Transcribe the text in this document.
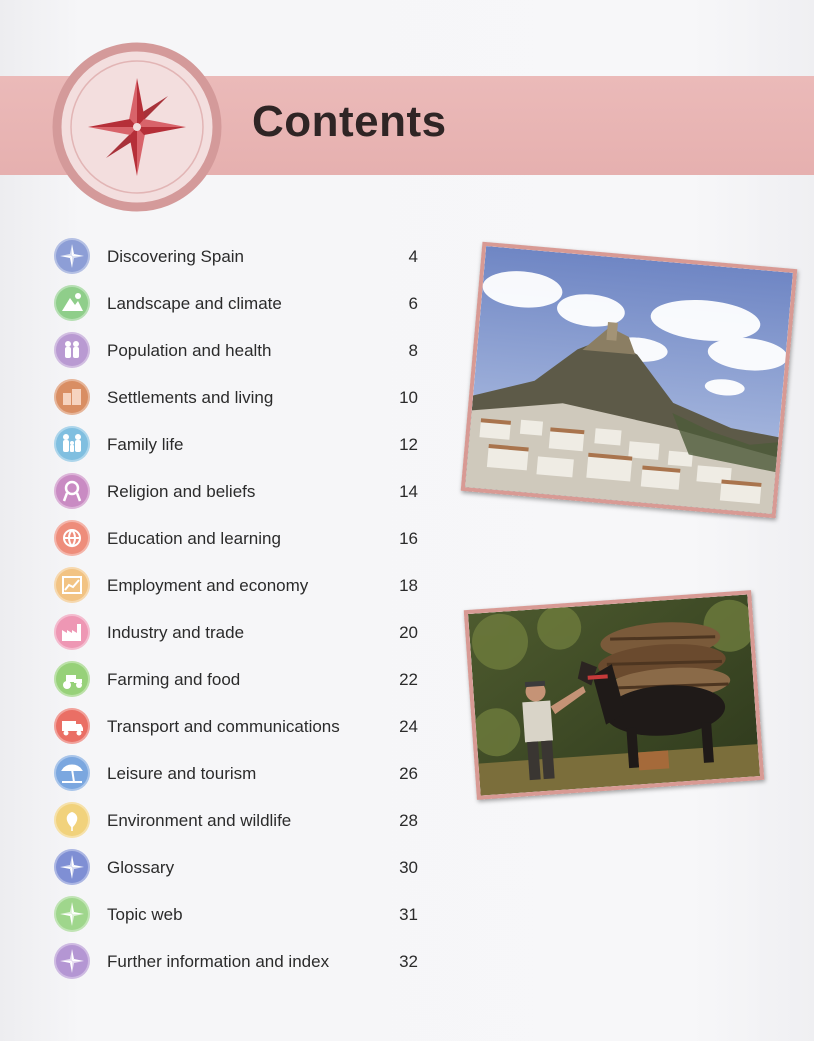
Contents
Discovering Spain	4
Landscape and climate	6
Population and health	8
Settlements and living	10
Family life	12
Religion and beliefs	14
Education and learning	16
Employment and economy	18
Industry and trade	20
Farming and food	22
Transport and communications	24
Leisure and tourism	26
Environment and wildlife	28
Glossary	30
Topic web	31
Further information and index	32
